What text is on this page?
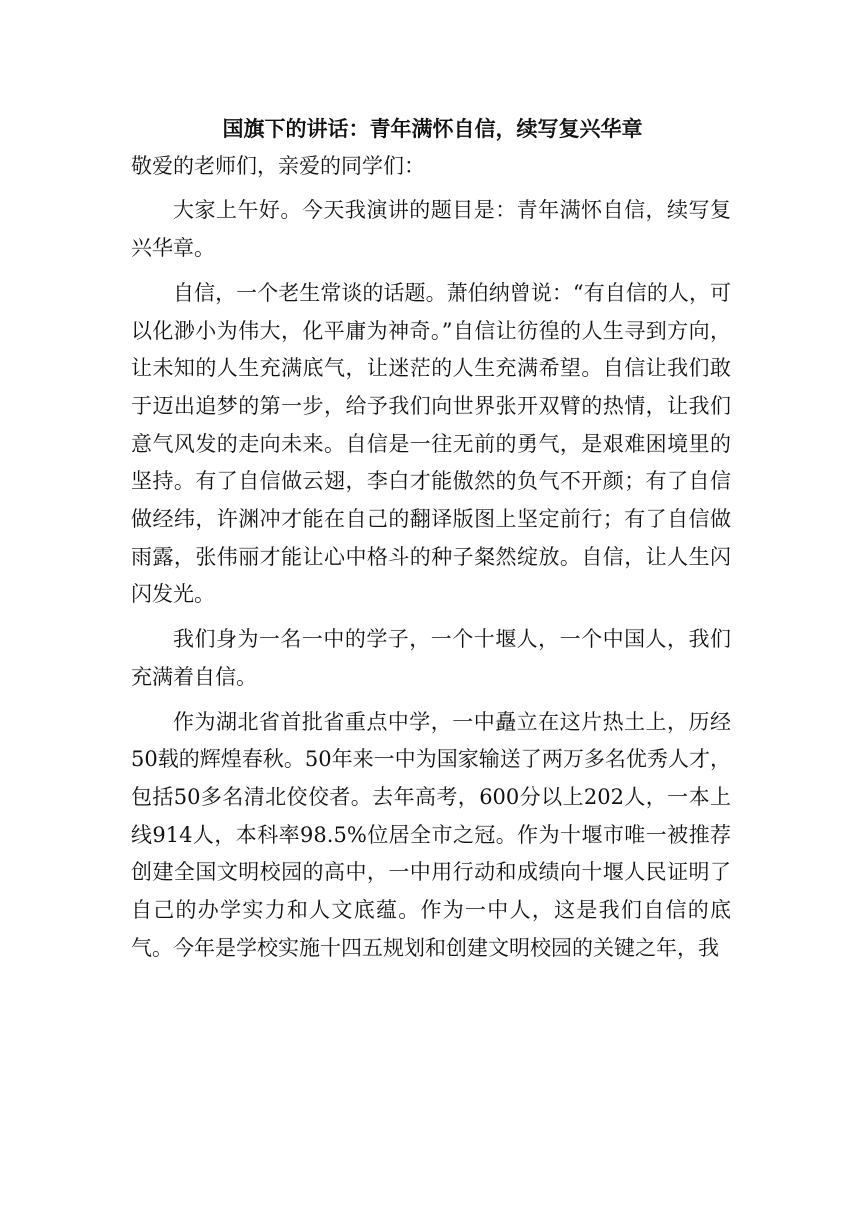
国旗下的讲话：青年满怀自信，续写复兴华章

敬爱的老师们，亲爱的同学们：

大家上午好。今天我演讲的题目是：青年满怀自信，续写复兴华章。

自信，一个老生常谈的话题。萧伯纳曾说：“有自信的人，可以化渺小为伟大，化平庸为神奇。”自信让彷徨的人生寻到方向，让未知的人生充满底气，让迷茫的人生充满希望。自信让我们敢于迈出追梦的第一步，给予我们向世界张开双臂的热情，让我们意气风发的走向未来。自信是一往无前的勇气，是艰难困境里的坚持。有了自信做云翅，李白才能傲然的负气不开颜；有了自信做经纬，许渊冲才能在自己的翻译版图上坚定前行；有了自信做雨露，张伟丽才能让心中格斗的种子粲然绽放。自信，让人生闪闪发光。

我们身为一名一中的学子，一个十堰人，一个中国人，我们充满着自信。

作为湖北省首批省重点中学，一中矗立在这片热土上，历经50载的辉煌春秋。50年来一中为国家输送了两万多名优秀人才，包括50多名清北佼佼者。去年高考，600分以上202人，一本上线914人，本科率98.5%位居全市之冠。作为十堰市唯一被推荐创建全国文明校园的高中，一中用行动和成绩向十堰人民证明了自己的办学实力和人文底蕴。作为一中人，这是我们自信的底气。今年是学校实施十四五规划和创建文明校园的关键之年，我
